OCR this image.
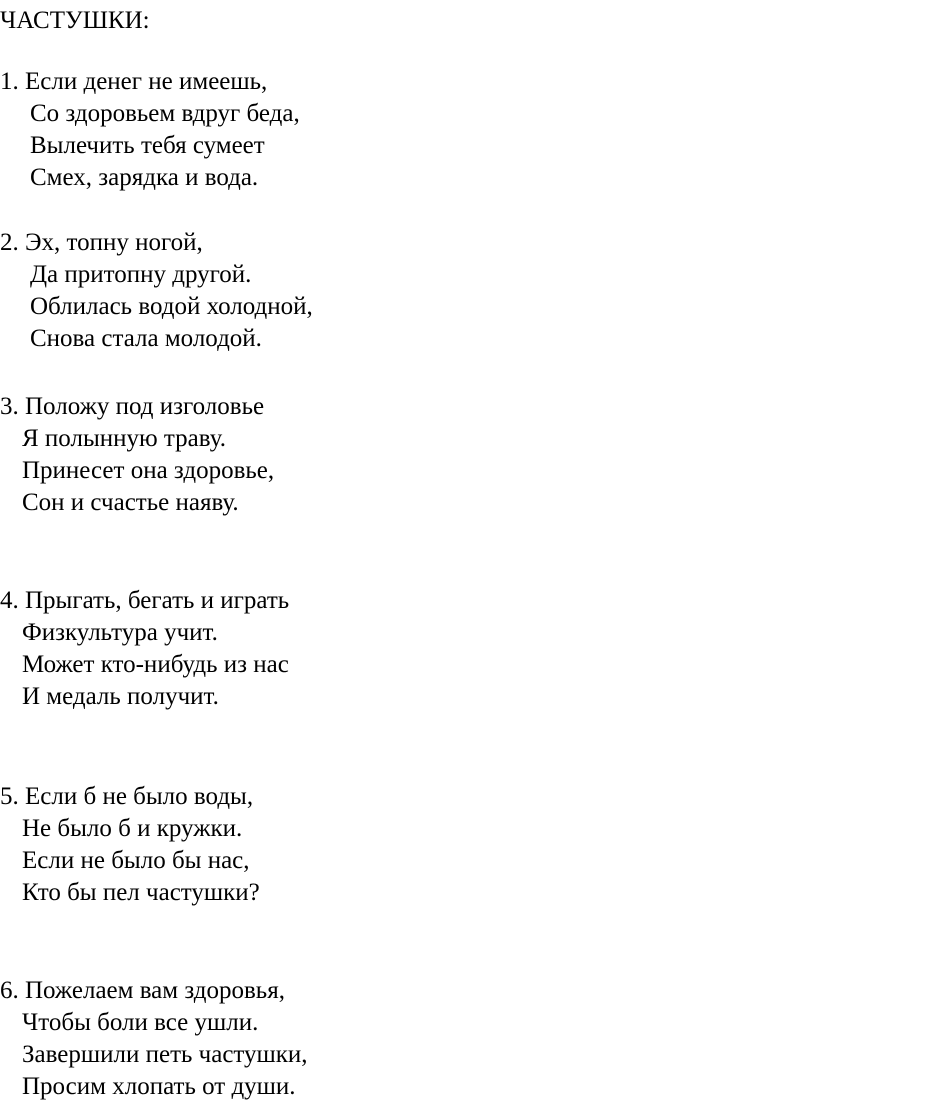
ЧАСТУШКИ:
1. Если денег не имеешь,
Со здоровьем вдруг беда,
Вылечить тебя сумеет
Смех, зарядка и вода.
2. Эх, топну ногой,
Да притопну другой.
Облилась водой холодной,
Снова стала молодой.
3. Положу под изголовье
Я полынную траву.
Принесет она здоровье,
Сон и счастье наяву.
4. Прыгать, бегать и играть
Физкультура учит.
Может кто-нибудь из нас
И медаль получит.
5. Если б не было воды,
Не было б и кружки.
Если не было бы нас,
Кто бы пел частушки?
6. Пожелаем вам здоровья,
Чтобы боли все ушли.
Завершили петь частушки,
Просим хлопать от души.
